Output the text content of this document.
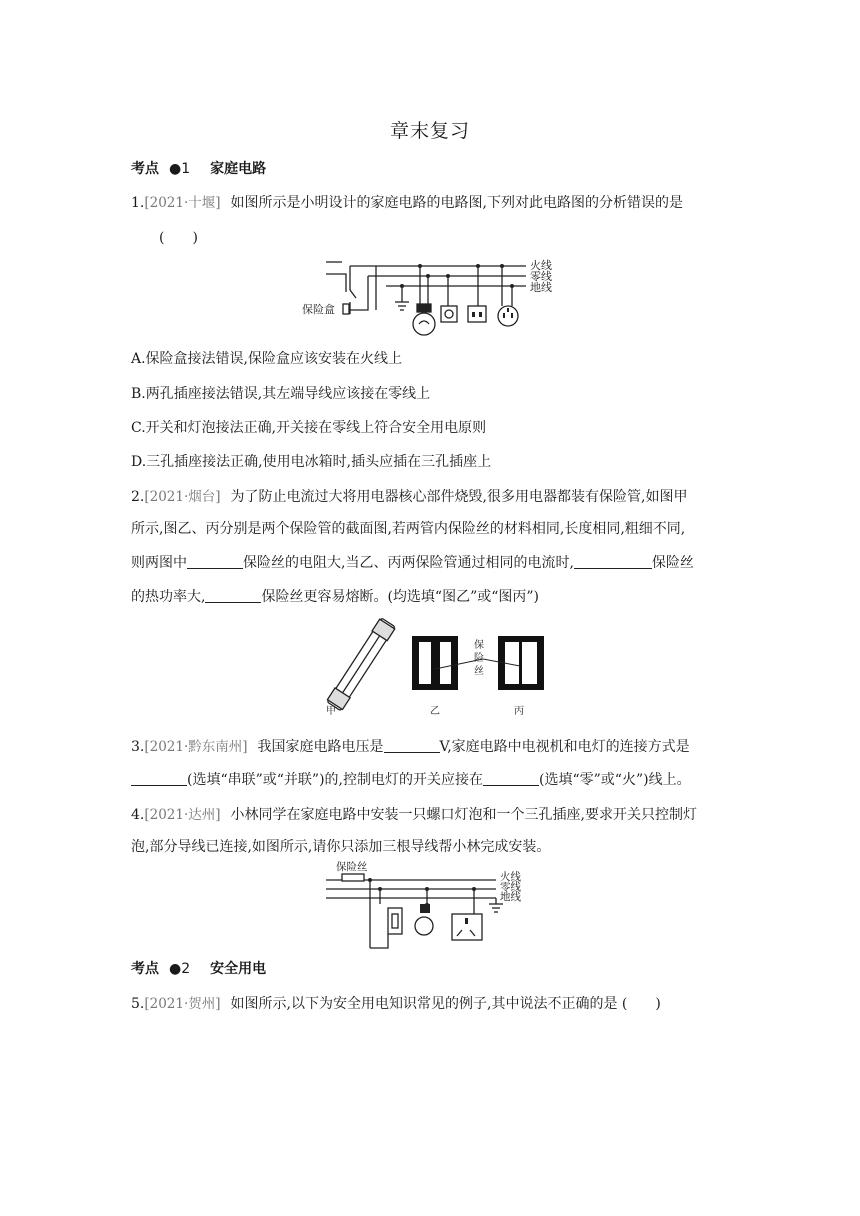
章末复习
考点 ●1 家庭电路
1.[2021·十堰] 如图所示是小明设计的家庭电路的电路图,下列对此电路图的分析错误的是
(　　)
火线
零线
地线
保险盒
A.保险盒接法错误,保险盒应该安装在火线上
B.两孔插座接法错误,其左端导线应该接在零线上
C.开关和灯泡接法正确,开关接在零线上符合安全用电原则
D.三孔插座接法正确,使用电冰箱时,插头应插在三孔插座上
2.[2021·烟台] 为了防止电流过大将用电器核心部件烧毁,很多用电器都装有保险管,如图甲
所示,图乙、丙分别是两个保险管的截面图,若两管内保险丝的材料相同,长度相同,粗细不同,
则两图中	保险丝的电阻大,当乙、丙两保险管通过相同的电流时,	保险丝
的热功率大,	保险丝更容易熔断。(均选填“图乙”或“图丙”)
保
险
丝
甲	乙	丙
3.[2021·黔东南州] 我国家庭电路电压是	V,家庭电路中电视机和电灯的连接方式是
(选填“串联”或“并联”)的,控制电灯的开关应接在	(选填“零”或“火”)线上。
4.[2021·达州] 小林同学在家庭电路中安装一只螺口灯泡和一个三孔插座,要求开关只控制灯
泡,部分导线已连接,如图所示,请你只添加三根导线帮小林完成安装。
保险丝
火线
零线
地线
考点 ●2 安全用电
5.[2021·贺州] 如图所示,以下为安全用电知识常见的例子,其中说法不正确的是 (　　)
